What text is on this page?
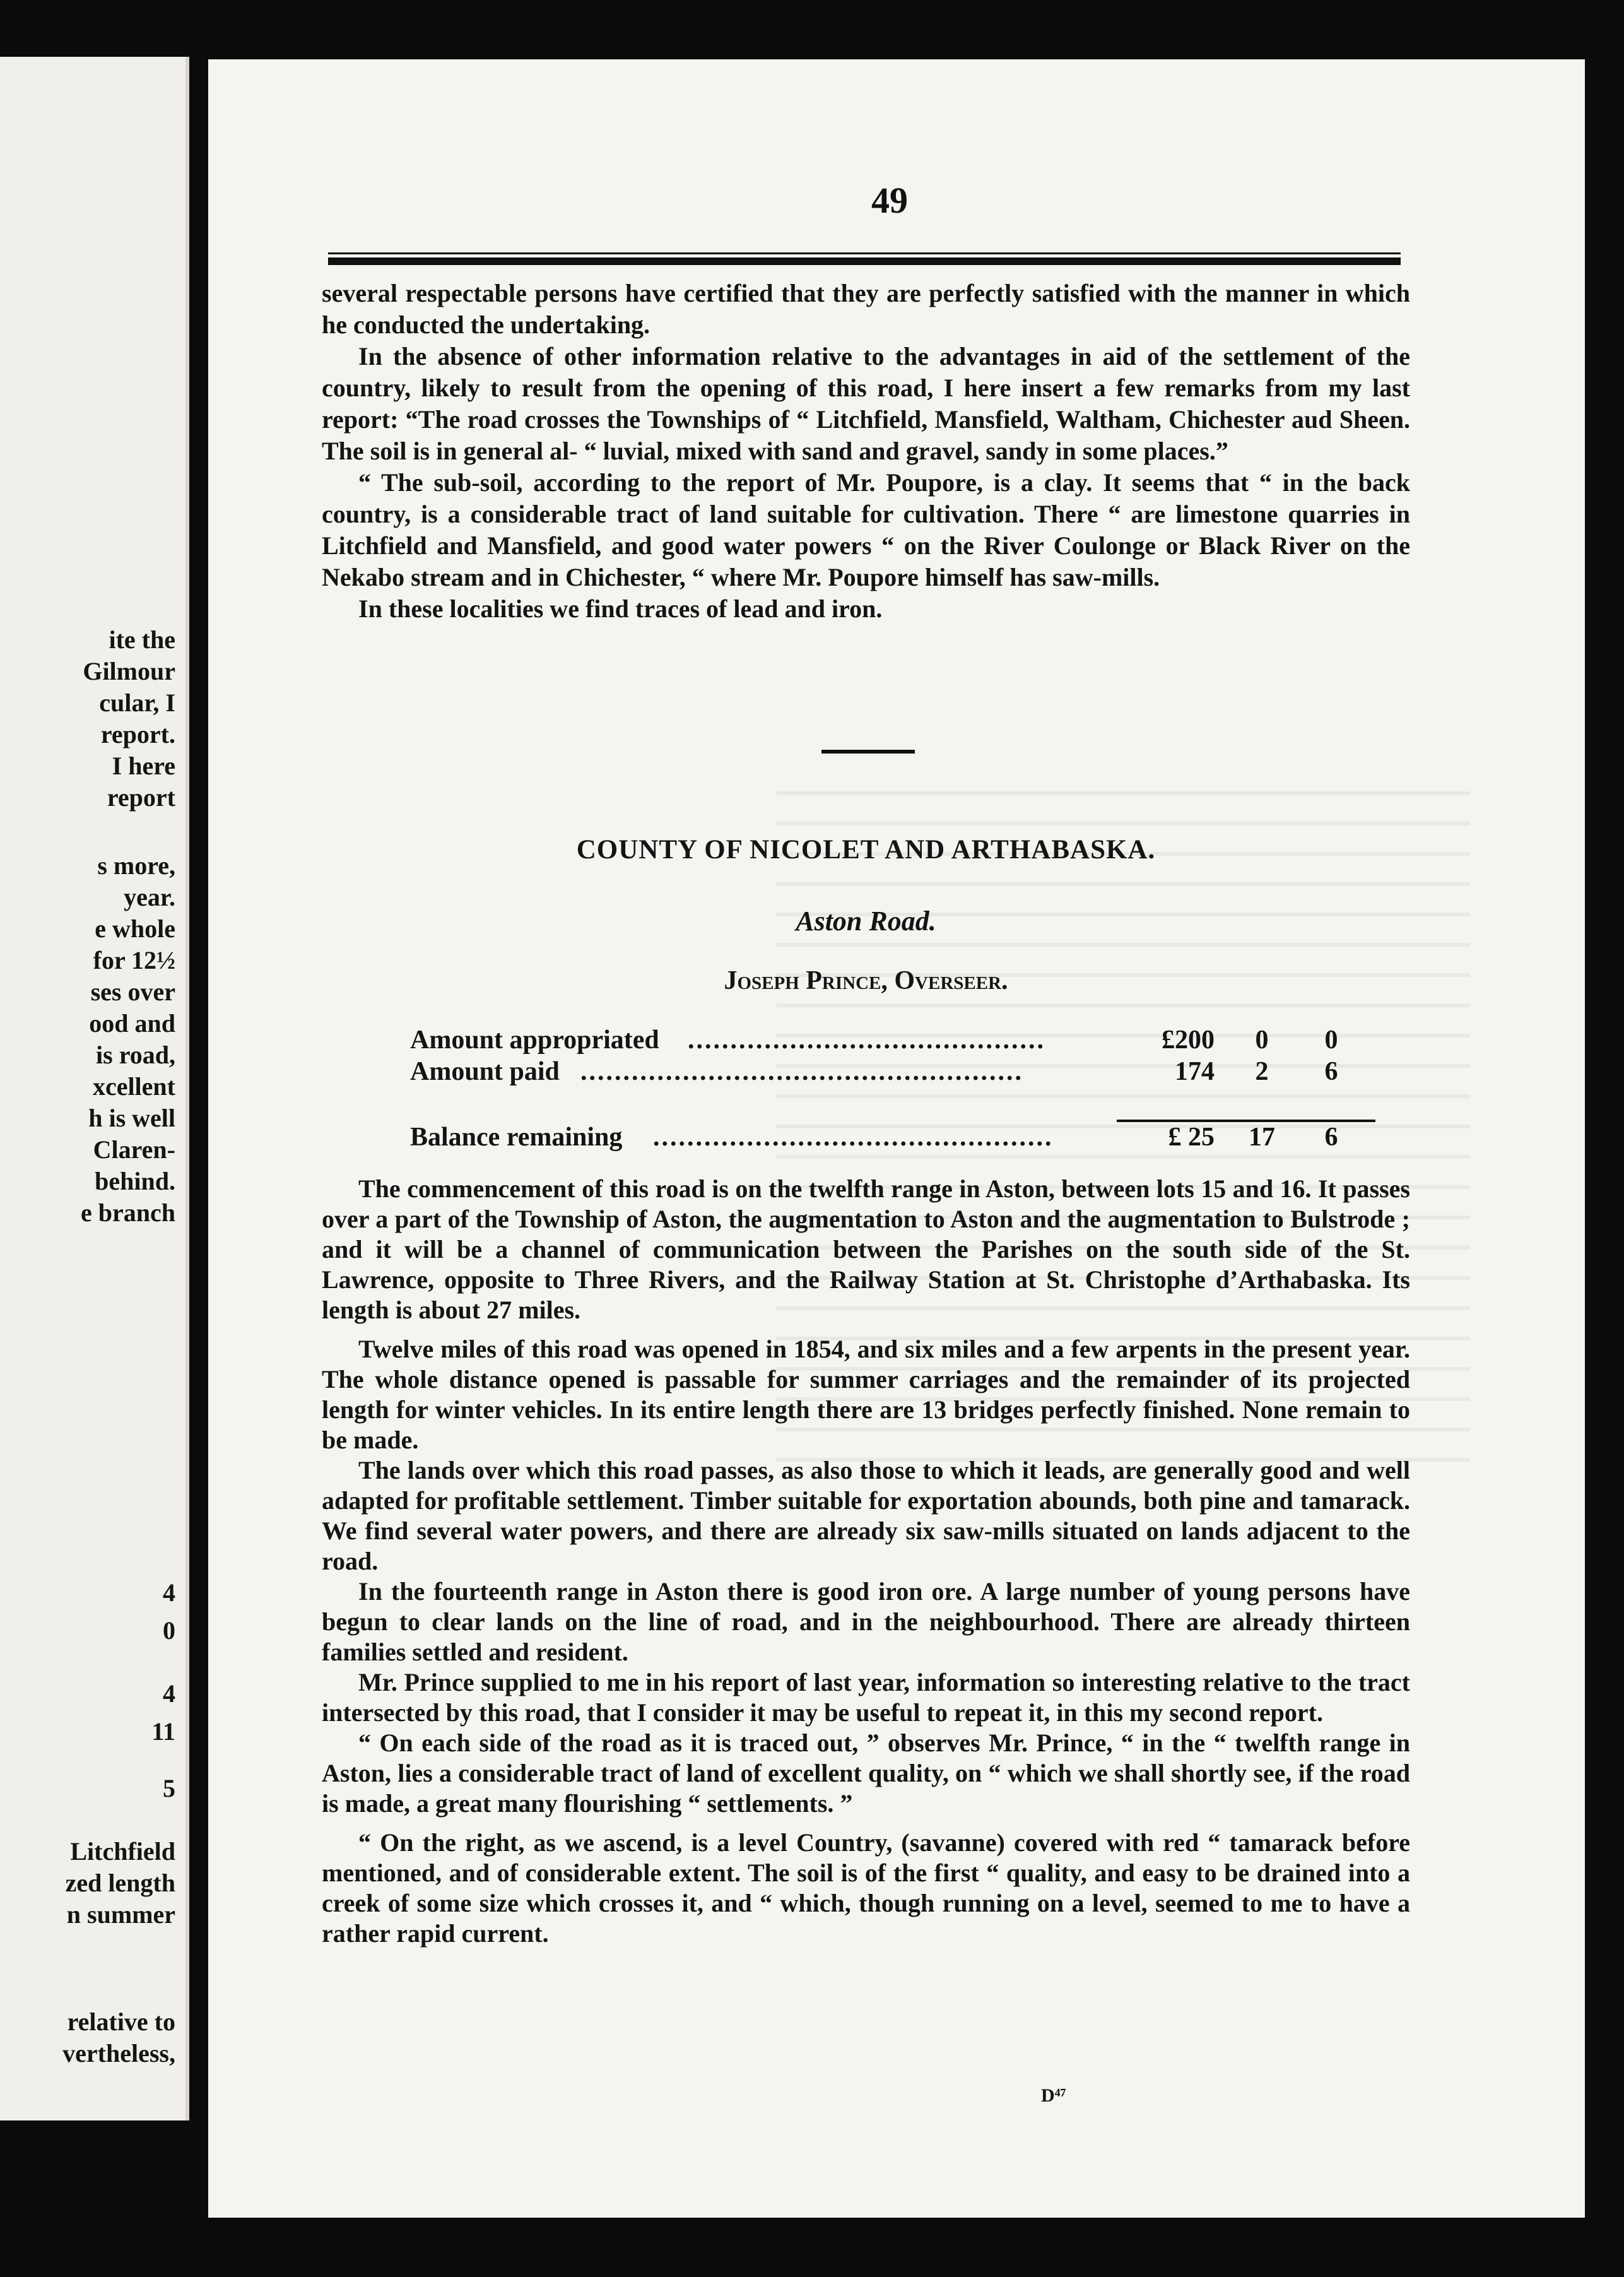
ite the
Gilmour
cular, I
report.
I here
report
s more,
year.
e whole
for 12½
ses over
ood and
is road,
xcellent
h is well
Claren-
behind.
e branch
4
0
4
11
5
Litchfield
zed length
n summer
relative to
vertheless,
49

several respectable persons have certified that they are perfectly satisfied with the manner in which he conducted the undertaking.

In the absence of other information relative to the advantages in aid of the settlement of the country, likely to result from the opening of this road, I here insert a few remarks from my last report: “The road crosses the Townships of “ Litchfield, Mansfield, Waltham, Chichester aud Sheen. The soil is in general al- “ luvial, mixed with sand and gravel, sandy in some places.”

“ The sub-soil, according to the report of Mr. Poupore, is a clay. It seems that “ in the back country, is a considerable tract of land suitable for cultivation. There “ are limestone quarries in Litchfield and Mansfield, and good water powers “ on the River Coulonge or Black River on the Nekabo stream and in Chichester, “ where Mr. Poupore himself has saw-mills.

In these localities we find traces of lead and iron.

COUNTY OF NICOLET AND ARTHABASKA.
Aston Road.
Joseph Prince, Overseer.
Amount appropriated ..........................................	£200	0	0
Amount paid ....................................................	174	2	6
Balance remaining ...............................................	£ 25	17	6

The commencement of this road is on the twelfth range in Aston, between lots 15 and 16. It passes over a part of the Township of Aston, the augmentation to Aston and the augmentation to Bulstrode ; and it will be a channel of communication between the Parishes on the south side of the St. Lawrence, opposite to Three Rivers, and the Railway Station at St. Christophe d’Arthabaska. Its length is about 27 miles.

Twelve miles of this road was opened in 1854, and six miles and a few arpents in the present year. The whole distance opened is passable for summer carriages and the remainder of its projected length for winter vehicles. In its entire length there are 13 bridges perfectly finished. None remain to be made.

The lands over which this road passes, as also those to which it leads, are generally good and well adapted for profitable settlement. Timber suitable for exportation abounds, both pine and tamarack. We find several water powers, and there are already six saw-mills situated on lands adjacent to the road.

In the fourteenth range in Aston there is good iron ore. A large number of young persons have begun to clear lands on the line of road, and in the neighbourhood. There are already thirteen families settled and resident.

Mr. Prince supplied to me in his report of last year, information so interesting relative to the tract intersected by this road, that I consider it may be useful to repeat it, in this my second report.

“ On each side of the road as it is traced out, ” observes Mr. Prince, “ in the “ twelfth range in Aston, lies a considerable tract of land of excellent quality, on “ which we shall shortly see, if the road is made, a great many flourishing “ settlements. ”

“ On the right, as we ascend, is a level Country, (savanne) covered with red “ tamarack before mentioned, and of considerable extent. The soil is of the first “ quality, and easy to be drained into a creek of some size which crosses it, and “ which, though running on a level, seemed to me to have a rather rapid current.

D⁴⁷
